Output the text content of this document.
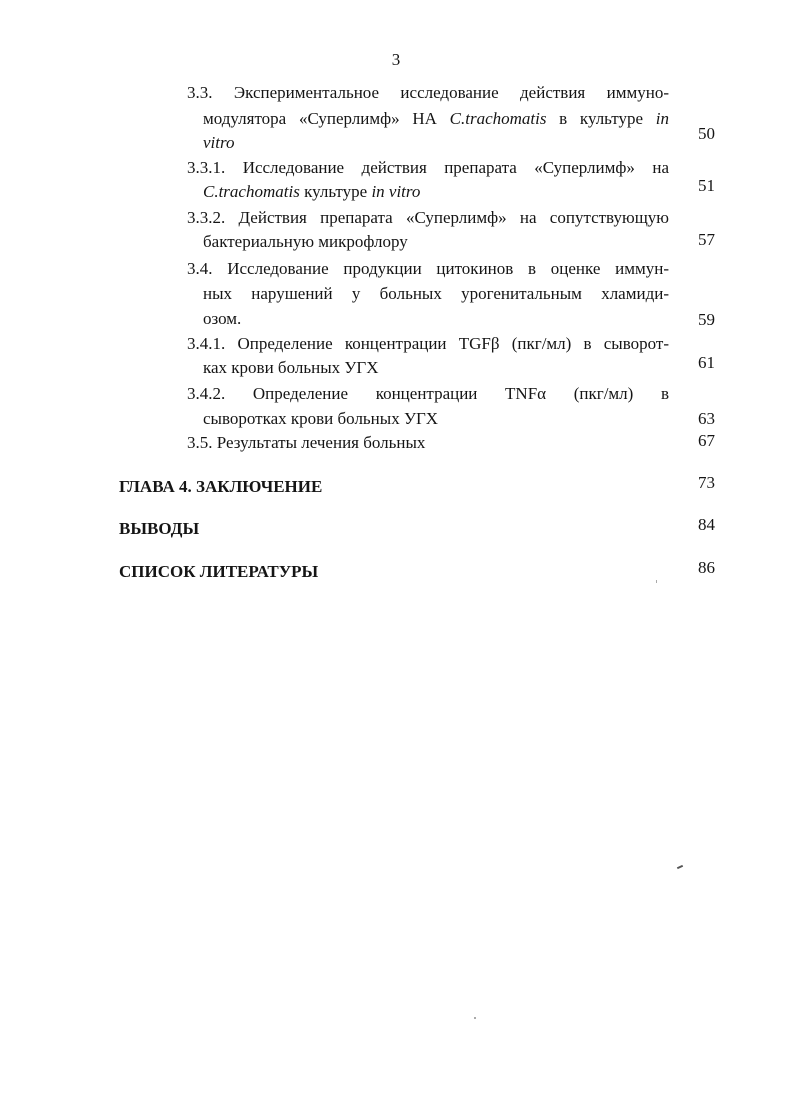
3
3.3. Экспериментальное исследование действия иммуно-
модулятора «Суперлимф» НА C.trachomatis в культуре in
vitro	50
3.3.1. Исследование действия препарата «Суперлимф» на
C.trachomatis культуре in vitro	51
3.3.2. Действия препарата «Суперлимф» на сопутствующую
бактериальную микрофлору	57
3.4. Исследование продукции цитокинов в оценке иммун-
ных нарушений у больных урогенитальным хламиди-
озом.	59
3.4.1. Определение концентрации TGFβ (пкг/мл) в сыворот-
ках крови больных УГХ	61
3.4.2. Определение концентрации TNFα (пкг/мл) в
сыворотках крови больных УГХ	63
3.5. Результаты лечения больных	67
ГЛАВА 4. ЗАКЛЮЧЕНИЕ	73
ВЫВОДЫ	84
СПИСОК ЛИТЕРАТУРЫ	86
